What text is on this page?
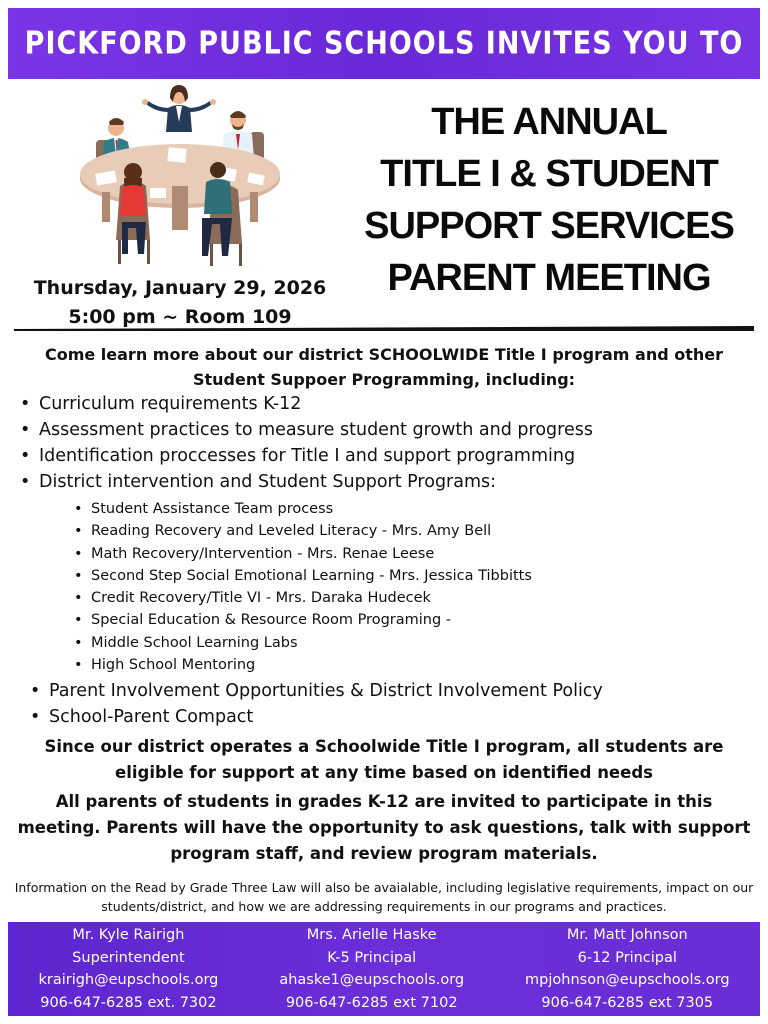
PICKFORD PUBLIC SCHOOLS INVITES YOU TO
Thursday, January 29, 2026
5:00 pm ~ Room 109
THE ANNUAL
TITLE I & STUDENT
SUPPORT SERVICES
PARENT MEETING
Come learn more about our district SCHOOLWIDE Title I program and other Student Suppoer Programming, including:
• Curriculum requirements K-12
• Assessment practices to measure student growth and progress
• Identification proccesses for Title I and support programming
• District intervention and Student Support Programs:
• Student Assistance Team process
• Reading Recovery and Leveled Literacy - Mrs. Amy Bell
• Math Recovery/Intervention - Mrs. Renae Leese
• Second Step Social Emotional Learning - Mrs. Jessica Tibbitts
• Credit Recovery/Title VI - Mrs. Daraka Hudecek
• Special Education & Resource Room Programing -
• Middle School Learning Labs
• High School Mentoring
• Parent Involvement Opportunities & District Involvement Policy
• School-Parent Compact
Since our district operates a Schoolwide Title I program, all students are eligible for support at any time based on identified needs
All parents of students in grades K-12 are invited to participate in this meeting. Parents will have the opportunity to ask questions, talk with support program staff, and review program materials.
Information on the Read by Grade Three Law will also be avaialable, including legislative requirements, impact on our students/district, and how we are addressing requirements in our programs and practices.
Mr. Kyle Rairigh
Superintendent
krairigh@eupschools.org
906-647-6285 ext. 7302
Mrs. Arielle Haske
K-5 Principal
ahaske1@eupschools.org
906-647-6285 ext 7102
Mr. Matt Johnson
6-12 Principal
mpjohnson@eupschools.org
906-647-6285 ext 7305
